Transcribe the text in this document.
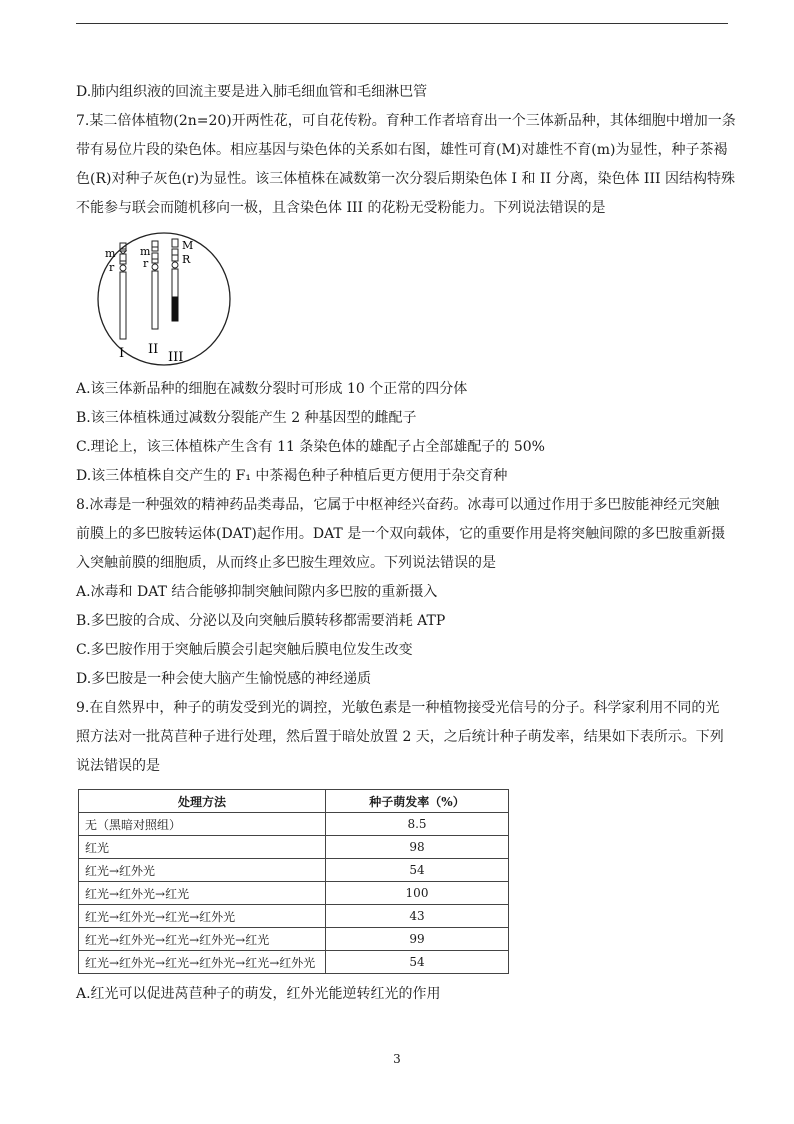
D.肺内组织液的回流主要是进入肺毛细血管和毛细淋巴管

7.某二倍体植物(2n=20)开两性花，可自花传粉。育种工作者培育出一个三体新品种，其体细胞中增加一条

带有易位片段的染色体。相应基因与染色体的关系如右图，雄性可育(M)对雄性不育(m)为显性，种子茶褐

色(R)对种子灰色(r)为显性。该三体植株在减数第一次分裂后期染色体 I 和 II 分离，染色体 III 因结构特殊

不能参与联会而随机移向一极，且含染色体 III 的花粉无受粉能力。下列说法错误的是

m
r
m
r
M
R
I II
III

A.该三体新品种的细胞在减数分裂时可形成 10 个正常的四分体

B.该三体植株通过减数分裂能产生 2 种基因型的雌配子

C.理论上，该三体植株产生含有 11 条染色体的雄配子占全部雄配子的 50%

D.该三体植株自交产生的 F₁ 中茶褐色种子种植后更方便用于杂交育种

8.冰毒是一种强效的精神药品类毒品，它属于中枢神经兴奋药。冰毒可以通过作用于多巴胺能神经元突触

前膜上的多巴胺转运体(DAT)起作用。DAT 是一个双向载体，它的重要作用是将突触间隙的多巴胺重新摄

入突触前膜的细胞质，从而终止多巴胺生理效应。下列说法错误的是

A.冰毒和 DAT 结合能够抑制突触间隙内多巴胺的重新摄入

B.多巴胺的合成、分泌以及向突触后膜转移都需要消耗 ATP

C.多巴胺作用于突触后膜会引起突触后膜电位发生改变

D.多巴胺是一种会使大脑产生愉悦感的神经递质

9.在自然界中，种子的萌发受到光的调控，光敏色素是一种植物接受光信号的分子。科学家利用不同的光

照方法对一批莴苣种子进行处理，然后置于暗处放置 2 天，之后统计种子萌发率，结果如下表所示。下列

说法错误的是

处理方法	种子萌发率（%）
无（黑暗对照组）	8.5
红光	98
红光→红外光	54
红光→红外光→红光	100
红光→红外光→红光→红外光	43
红光→红外光→红光→红外光→红光	99
红光→红外光→红光→红外光→红光→红外光	54

A.红光可以促进莴苣种子的萌发，红外光能逆转红光的作用

3
